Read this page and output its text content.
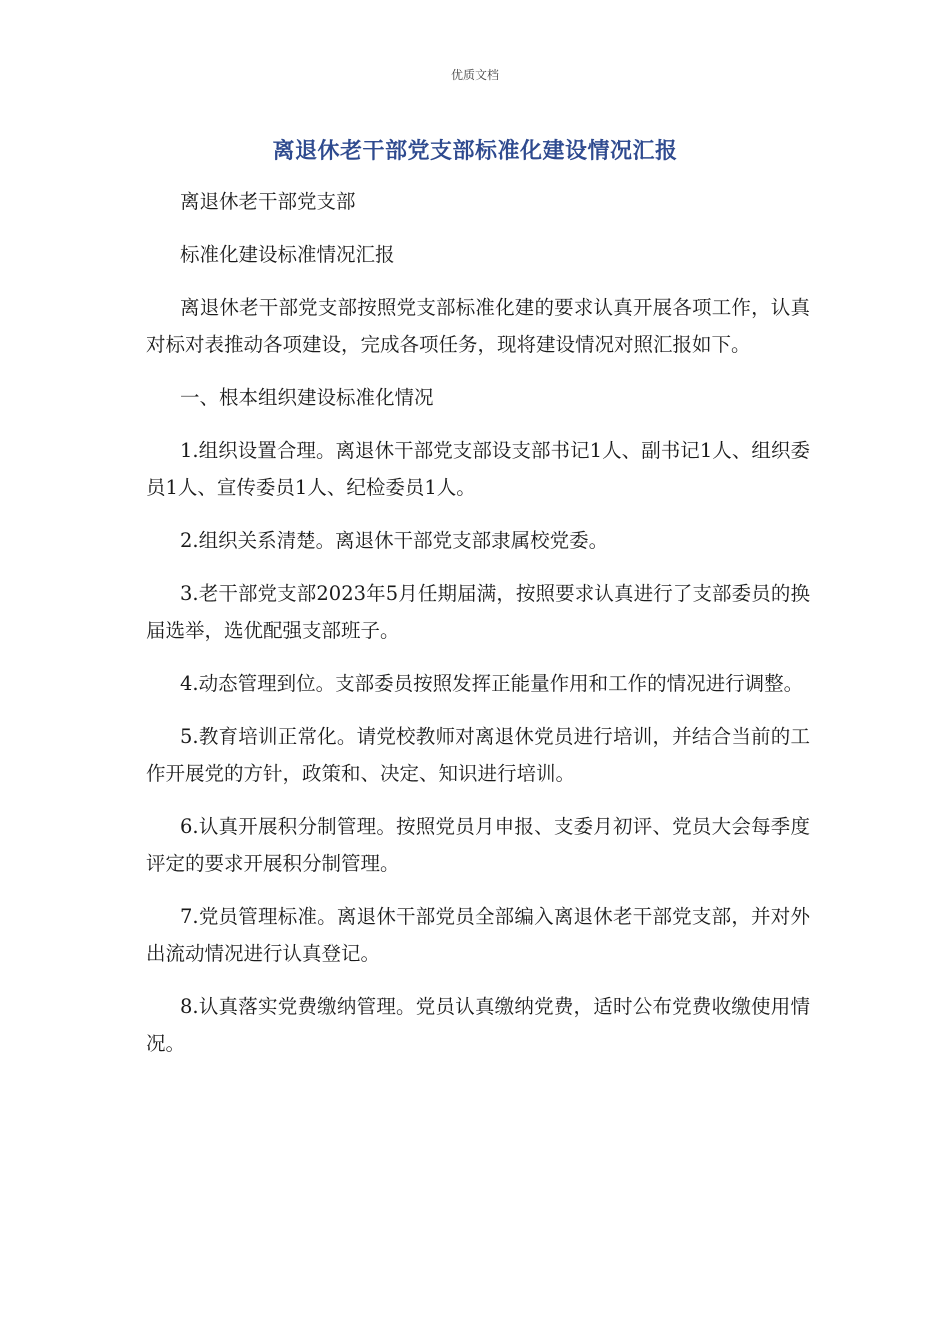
优质文档
离退休老干部党支部标准化建设情况汇报

离退休老干部党支部

标准化建设标准情况汇报

离退休老干部党支部按照党支部标准化建的要求认真开展各项工作，认真对标对表推动各项建设，完成各项任务，现将建设情况对照汇报如下。

一、根本组织建设标准化情况

1.组织设置合理。离退休干部党支部设支部书记1人、副书记1人、组织委员1人、宣传委员1人、纪检委员1人。

2.组织关系清楚。离退休干部党支部隶属校党委。

3.老干部党支部2023年5月任期届满，按照要求认真进行了支部委员的换届选举，选优配强支部班子。

4.动态管理到位。支部委员按照发挥正能量作用和工作的情况进行调整。

5.教育培训正常化。请党校教师对离退休党员进行培训，并结合当前的工作开展党的方针，政策和、决定、知识进行培训。

6.认真开展积分制管理。按照党员月申报、支委月初评、党员大会每季度评定的要求开展积分制管理。

7.党员管理标准。离退休干部党员全部编入离退休老干部党支部，并对外出流动情况进行认真登记。

8.认真落实党费缴纳管理。党员认真缴纳党费，适时公布党费收缴使用情况。
